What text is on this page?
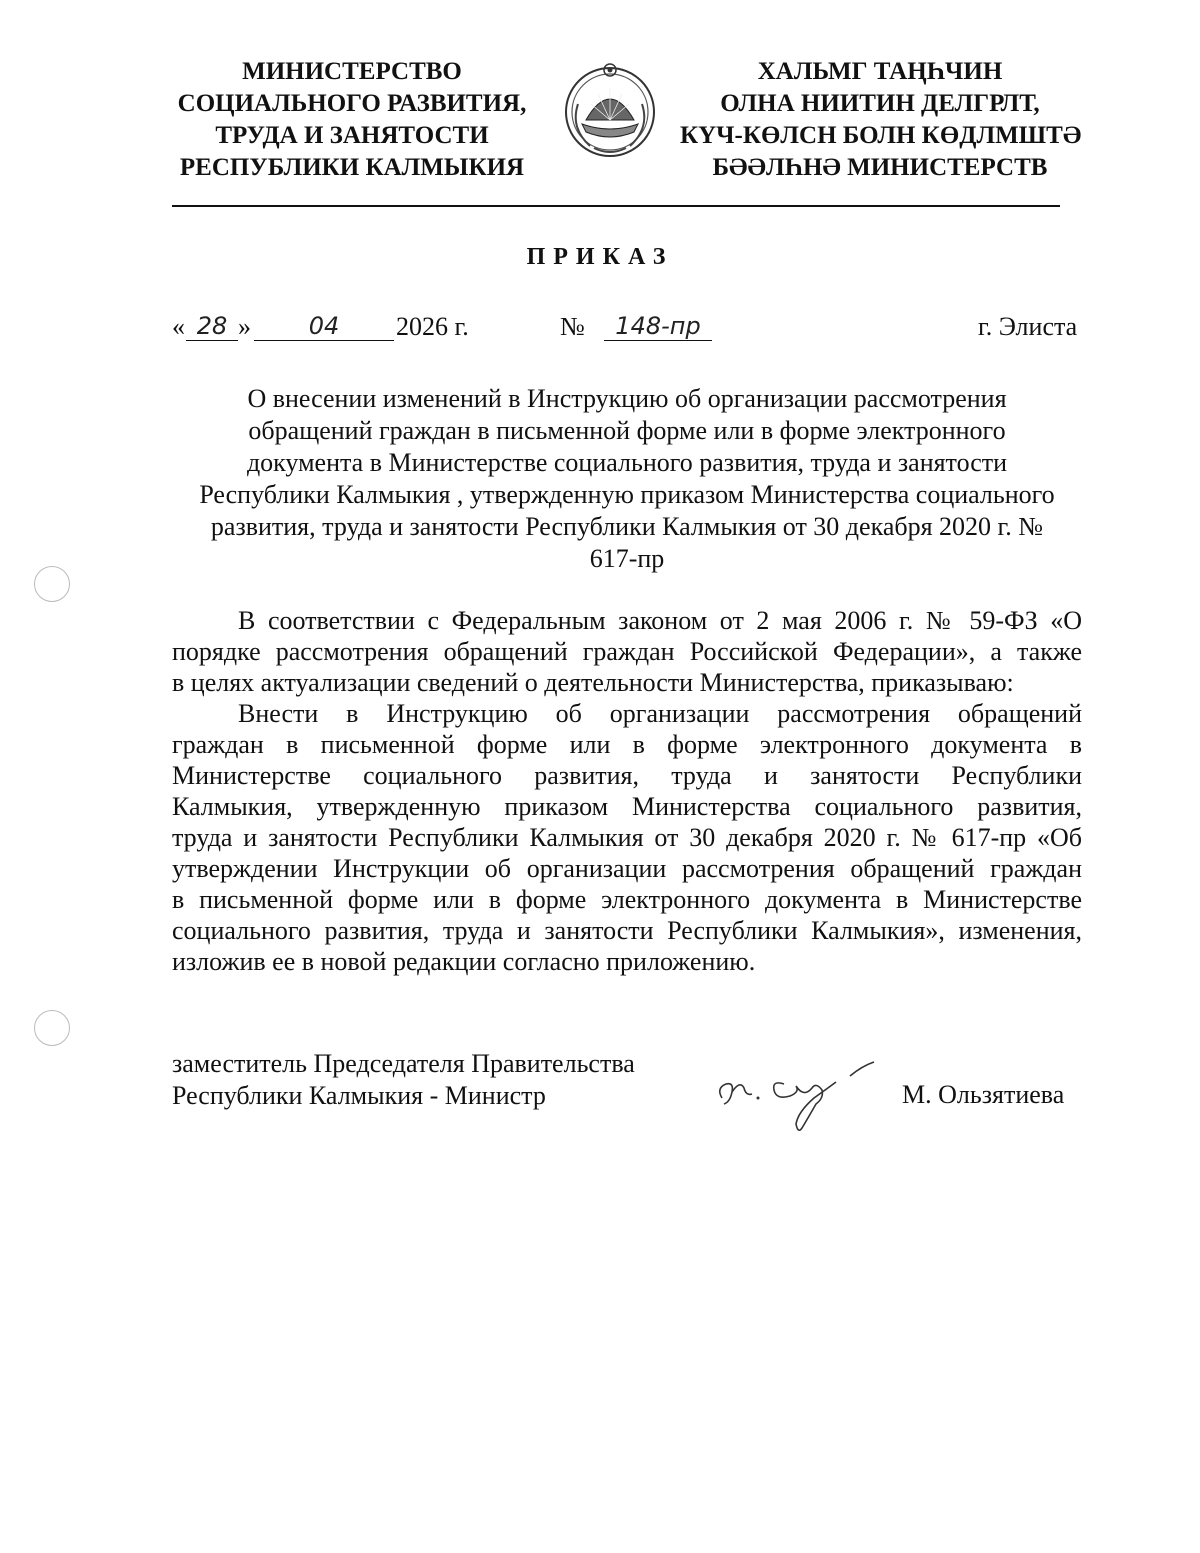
МИНИСТЕРСТВО
СОЦИАЛЬНОГО РАЗВИТИЯ,
ТРУДА И ЗАНЯТОСТИ
РЕСПУБЛИКИ КАЛМЫКИЯ
ХАЛЬМГ ТАҢҺЧИН
ОЛНА НИИТИН ДЕЛГРЛТ,
КҮЧ-КӨЛСН БОЛН КӨДЛМШТӘ
БӘӘЛҺНӘ МИНИСТЕРСТВ
ПРИКАЗ
« 28 »	04	2026 г.	№	148-пр	г. Элиста
О внесении изменений в Инструкцию об организации рассмотрения
обращений граждан в письменной форме или в форме электронного
документа в Министерстве социального развития, труда и занятости
Республики Калмыкия , утвержденную приказом Министерства социального
развития, труда и занятости Республики Калмыкия от 30 декабря 2020 г. №
617-пр
В соответствии с Федеральным законом от 2 мая 2006 г. № 59-ФЗ «О
порядке рассмотрения обращений граждан Российской Федерации», а также
в целях актуализации сведений о деятельности Министерства, приказываю:
Внести в Инструкцию об организации рассмотрения обращений
граждан в письменной форме или в форме электронного документа в
Министерстве социального развития, труда и занятости Республики
Калмыкия, утвержденную приказом Министерства социального развития,
труда и занятости Республики Калмыкия от 30 декабря 2020 г. № 617-пр «Об
утверждении Инструкции об организации рассмотрения обращений граждан
в письменной форме или в форме электронного документа в Министерстве
социального развития, труда и занятости Республики Калмыкия», изменения,
изложив ее в новой редакции согласно приложению.
заместитель Председателя Правительства
Республики Калмыкия - Министр	М. Ользятиева
